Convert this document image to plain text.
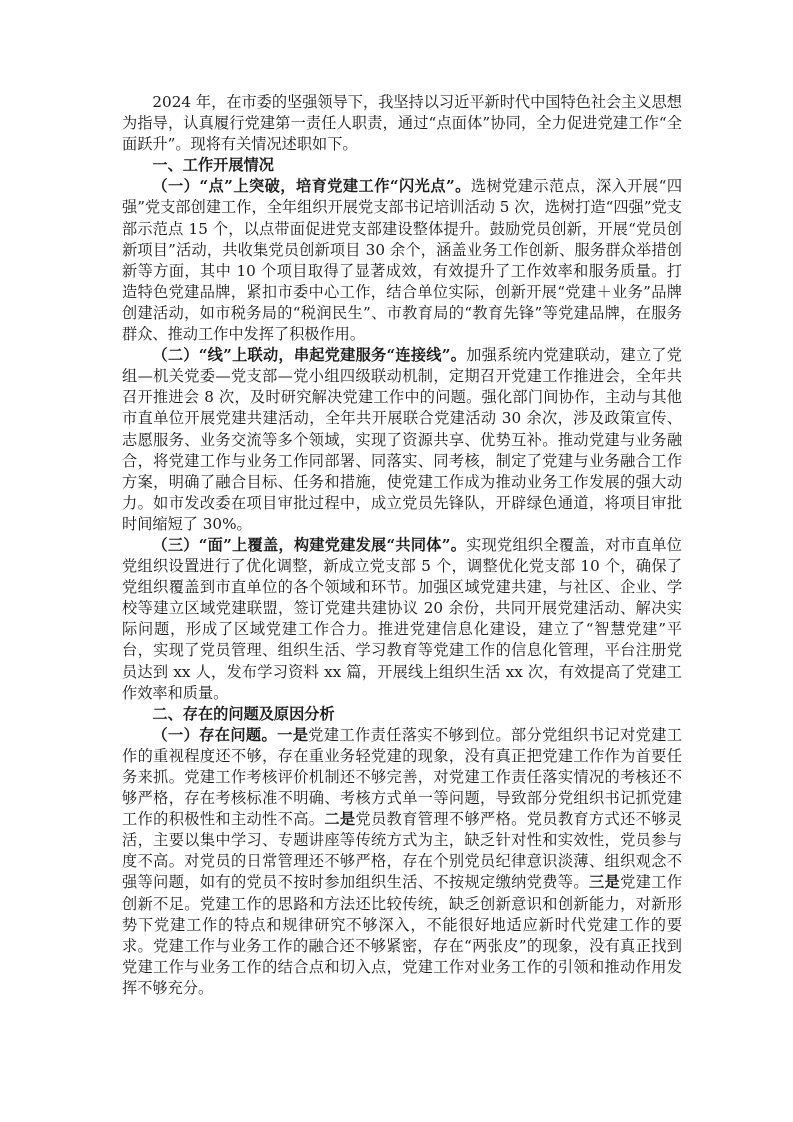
2024 年，在市委的坚强领导下，我坚持以习近平新时代中国特色社会主义思想为指导，认真履行党建第一责任人职责，通过“点面体”协同，全力促进党建工作“全面跃升”。现将有关情况述职如下。

一、工作开展情况

（一）“点”上突破，培育党建工作“闪光点”。选树党建示范点，深入开展“四强”党支部创建工作，全年组织开展党支部书记培训活动 5 次，选树打造“四强”党支部示范点 15 个，以点带面促进党支部建设整体提升。鼓励党员创新，开展“党员创新项目”活动，共收集党员创新项目 30 余个，涵盖业务工作创新、服务群众举措创新等方面，其中 10 个项目取得了显著成效，有效提升了工作效率和服务质量。打造特色党建品牌，紧扣市委中心工作，结合单位实际，创新开展“党建＋业务”品牌创建活动，如市税务局的“税润民生”、市教育局的“教育先锋”等党建品牌，在服务群众、推动工作中发挥了积极作用。

（二）“线”上联动，串起党建服务“连接线”。加强系统内党建联动，建立了党组—机关党委—党支部—党小组四级联动机制，定期召开党建工作推进会，全年共召开推进会 8 次，及时研究解决党建工作中的问题。强化部门间协作，主动与其他市直单位开展党建共建活动，全年共开展联合党建活动 30 余次，涉及政策宣传、志愿服务、业务交流等多个领域，实现了资源共享、优势互补。推动党建与业务融合，将党建工作与业务工作同部署、同落实、同考核，制定了党建与业务融合工作方案，明确了融合目标、任务和措施，使党建工作成为推动业务工作发展的强大动力。如市发改委在项目审批过程中，成立党员先锋队，开辟绿色通道，将项目审批时间缩短了 30%。

（三）“面”上覆盖，构建党建发展“共同体”。实现党组织全覆盖，对市直单位党组织设置进行了优化调整，新成立党支部 5 个，调整优化党支部 10 个，确保了党组织覆盖到市直单位的各个领域和环节。加强区域党建共建，与社区、企业、学校等建立区域党建联盟，签订党建共建协议 20 余份，共同开展党建活动、解决实际问题，形成了区域党建工作合力。推进党建信息化建设，建立了“智慧党建”平台，实现了党员管理、组织生活、学习教育等党建工作的信息化管理，平台注册党员达到 xx 人，发布学习资料 xx 篇，开展线上组织生活 xx 次，有效提高了党建工作效率和质量。

二、存在的问题及原因分析

（一）存在问题。一是党建工作责任落实不够到位。部分党组织书记对党建工作的重视程度还不够，存在重业务轻党建的现象，没有真正把党建工作作为首要任务来抓。党建工作考核评价机制还不够完善，对党建工作责任落实情况的考核还不够严格，存在考核标准不明确、考核方式单一等问题，导致部分党组织书记抓党建工作的积极性和主动性不高。二是党员教育管理不够严格。党员教育方式还不够灵活，主要以集中学习、专题讲座等传统方式为主，缺乏针对性和实效性，党员参与度不高。对党员的日常管理还不够严格，存在个别党员纪律意识淡薄、组织观念不强等问题，如有的党员不按时参加组织生活、不按规定缴纳党费等。三是党建工作创新不足。党建工作的思路和方法还比较传统，缺乏创新意识和创新能力，对新形势下党建工作的特点和规律研究不够深入，不能很好地适应新时代党建工作的要求。党建工作与业务工作的融合还不够紧密，存在“两张皮”的现象，没有真正找到党建工作与业务工作的结合点和切入点，党建工作对业务工作的引领和推动作用发挥不够充分。
